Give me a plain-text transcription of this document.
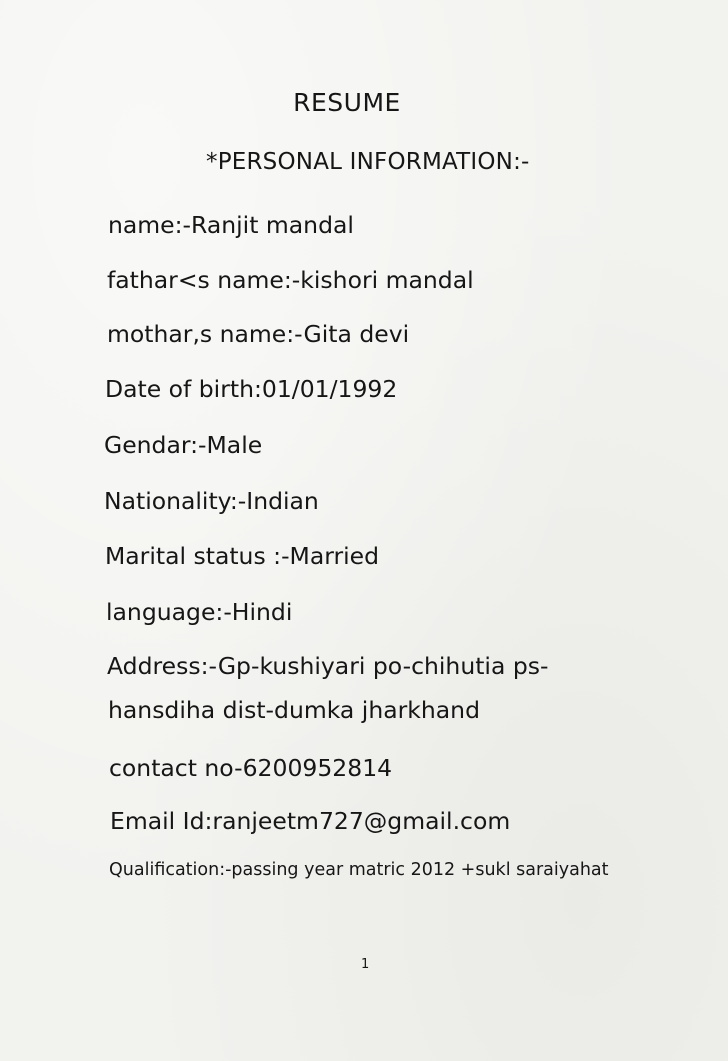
RESUME
*PERSONAL INFORMATION:-
name:-Ranjit mandal
fathar<s name:-kishori mandal
mothar,s name:-Gita devi
Date of birth:01/01/1992
Gendar:-Male
Nationality:-Indian
Marital status :-Married
language:-Hindi
Address:-Gp-kushiyari po-chihutia ps-
hansdiha dist-dumka jharkhand
contact no-6200952814
Email Id:ranjeetm727@gmail.com
Qualification:-passing year matric 2012 +sukl saraiyahat
1
